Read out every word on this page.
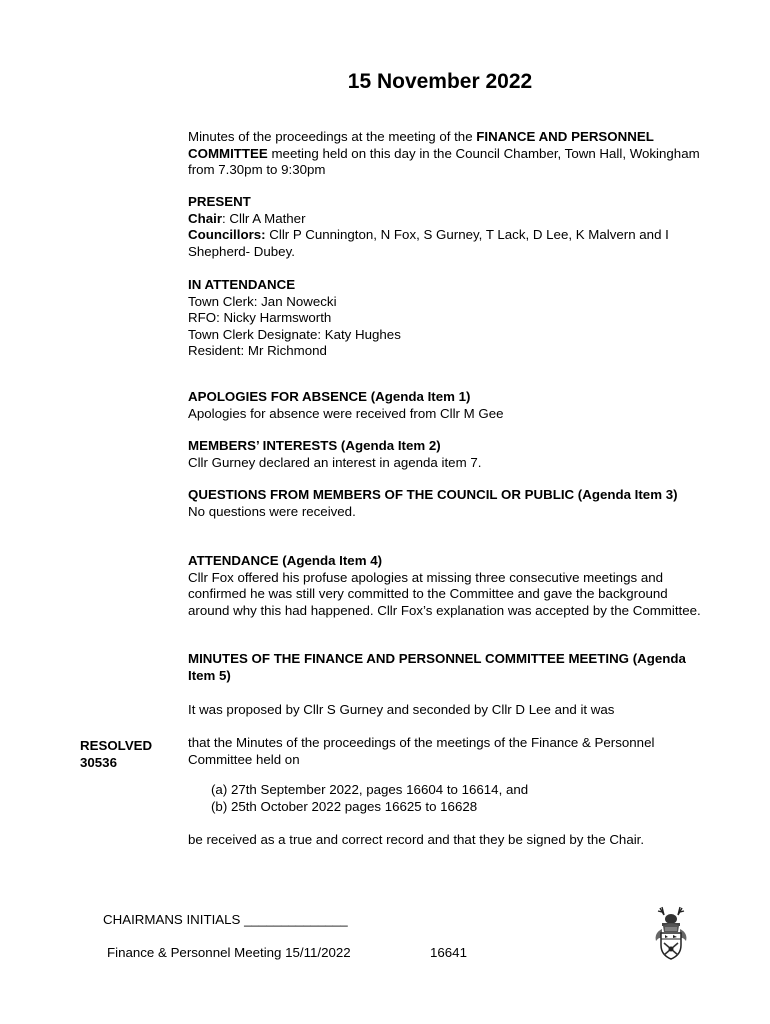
15 November 2022

Minutes of the proceedings at the meeting of the FINANCE AND PERSONNEL COMMITTEE meeting held on this day in the Council Chamber, Town Hall, Wokingham from 7.30pm to 9:30pm

PRESENT

Chair: Cllr A Mather

Councillors: Cllr P Cunnington, N Fox, S Gurney, T Lack, D Lee, K Malvern and I Shepherd- Dubey.

IN ATTENDANCE

Town Clerk: Jan Nowecki

RFO: Nicky Harmsworth

Town Clerk Designate: Katy Hughes

Resident: Mr Richmond

APOLOGIES FOR ABSENCE (Agenda Item 1)

Apologies for absence were received from Cllr M Gee

MEMBERS’ INTERESTS (Agenda Item 2)

Cllr Gurney declared an interest in agenda item 7.

QUESTIONS FROM MEMBERS OF THE COUNCIL OR PUBLIC (Agenda Item 3)

No questions were received.

ATTENDANCE (Agenda Item 4)

Cllr Fox offered his profuse apologies at missing three consecutive meetings and confirmed he was still very committed to the Committee and gave the background around why this had happened. Cllr Fox’s explanation was accepted by the Committee.

MINUTES OF THE FINANCE AND PERSONNEL COMMITTEE MEETING (Agenda Item 5)

It was proposed by Cllr S Gurney and seconded by Cllr D Lee and it was
RESOLVED
30536
that the Minutes of the proceedings of the meetings of the Finance & Personnel Committee held on
(a) 27th September 2022, pages 16604 to 16614, and
(b) 25th October 2022 pages 16625 to 16628
be received as a true and correct record and that they be signed by the Chair.
CHAIRMANS INITIALS ______________
Finance & Personnel Meeting 15/11/2022	16641
